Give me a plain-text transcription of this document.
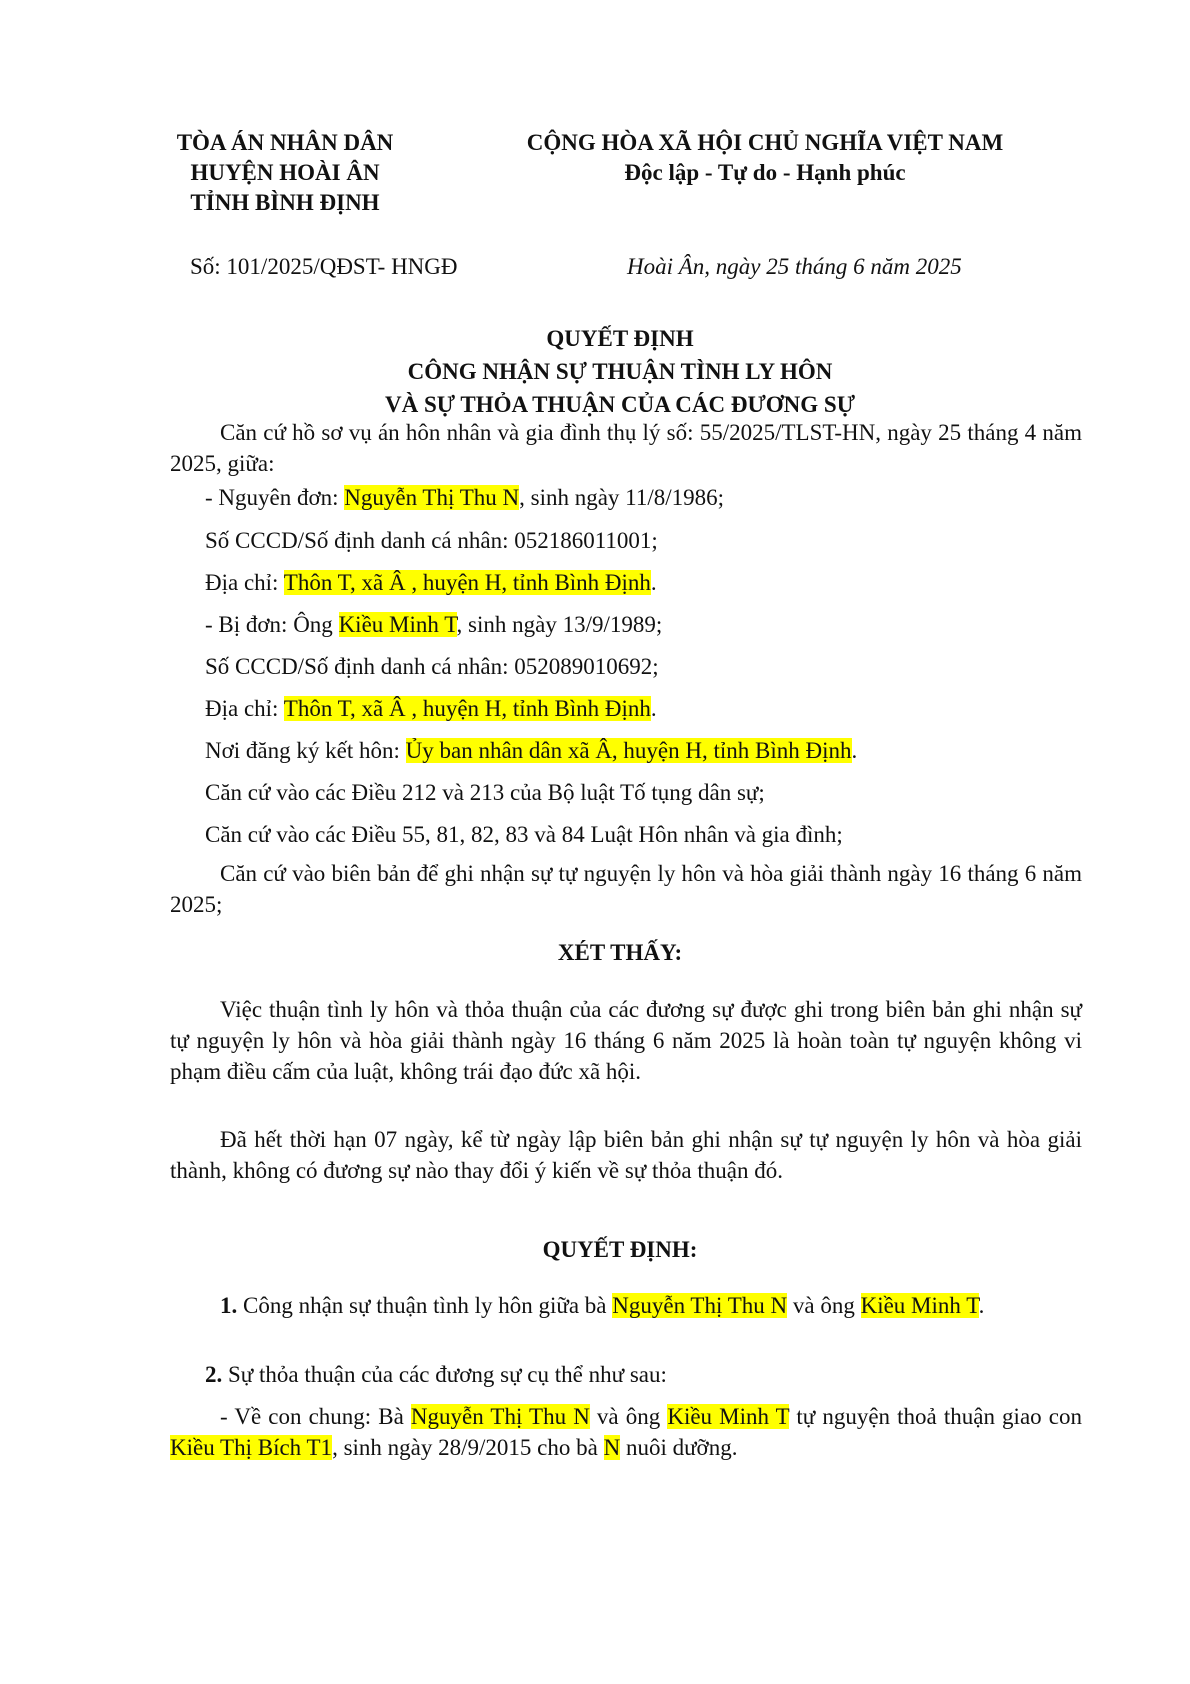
TÒA ÁN NHÂN DÂN
HUYỆN HOÀI ÂN
TỈNH BÌNH ĐỊNH
CỘNG HÒA XÃ HỘI CHỦ NGHĨA VIỆT NAM
Độc lập - Tự do - Hạnh phúc
Số: 101/2025/QĐST- HNGĐ	Hoài Ân, ngày 25 tháng 6 năm 2025
QUYẾT ĐỊNH
CÔNG NHẬN SỰ THUẬN TÌNH LY HÔN
VÀ SỰ THỎA THUẬN CỦA CÁC ĐƯƠNG SỰ
Căn cứ hồ sơ vụ án hôn nhân và gia đình thụ lý số: 55/2025/TLST-HN, ngày 25 tháng 4 năm 2025, giữa:
- Nguyên đơn: Nguyễn Thị Thu N, sinh ngày 11/8/1986;
Số CCCD/Số định danh cá nhân: 052186011001;
Địa chỉ: Thôn T, xã Â , huyện H, tỉnh Bình Định.
- Bị đơn: Ông Kiều Minh T, sinh ngày 13/9/1989;
Số CCCD/Số định danh cá nhân: 052089010692;
Địa chỉ: Thôn T, xã Â , huyện H, tỉnh Bình Định.
Nơi đăng ký kết hôn: Ủy ban nhân dân xã Â, huyện H, tỉnh Bình Định.
Căn cứ vào các Điều 212 và 213 của Bộ luật Tố tụng dân sự;
Căn cứ vào các Điều 55, 81, 82, 83 và 84 Luật Hôn nhân và gia đình;
Căn cứ vào biên bản để ghi nhận sự tự nguyện ly hôn và hòa giải thành ngày 16 tháng 6 năm 2025;
XÉT THẤY:
Việc thuận tình ly hôn và thỏa thuận của các đương sự được ghi trong biên bản ghi nhận sự tự nguyện ly hôn và hòa giải thành ngày 16 tháng 6 năm 2025 là hoàn toàn tự nguyện không vi phạm điều cấm của luật, không trái đạo đức xã hội.
Đã hết thời hạn 07 ngày, kể từ ngày lập biên bản ghi nhận sự tự nguyện ly hôn và hòa giải thành, không có đương sự nào thay đổi ý kiến về sự thỏa thuận đó.
QUYẾT ĐỊNH:
1. Công nhận sự thuận tình ly hôn giữa bà Nguyễn Thị Thu N và ông Kiều Minh T.
2. Sự thỏa thuận của các đương sự cụ thể như sau:
- Về con chung: Bà Nguyễn Thị Thu N và ông Kiều Minh T tự nguyện thoả thuận giao con Kiều Thị Bích T1, sinh ngày 28/9/2015 cho bà N nuôi dưỡng.
